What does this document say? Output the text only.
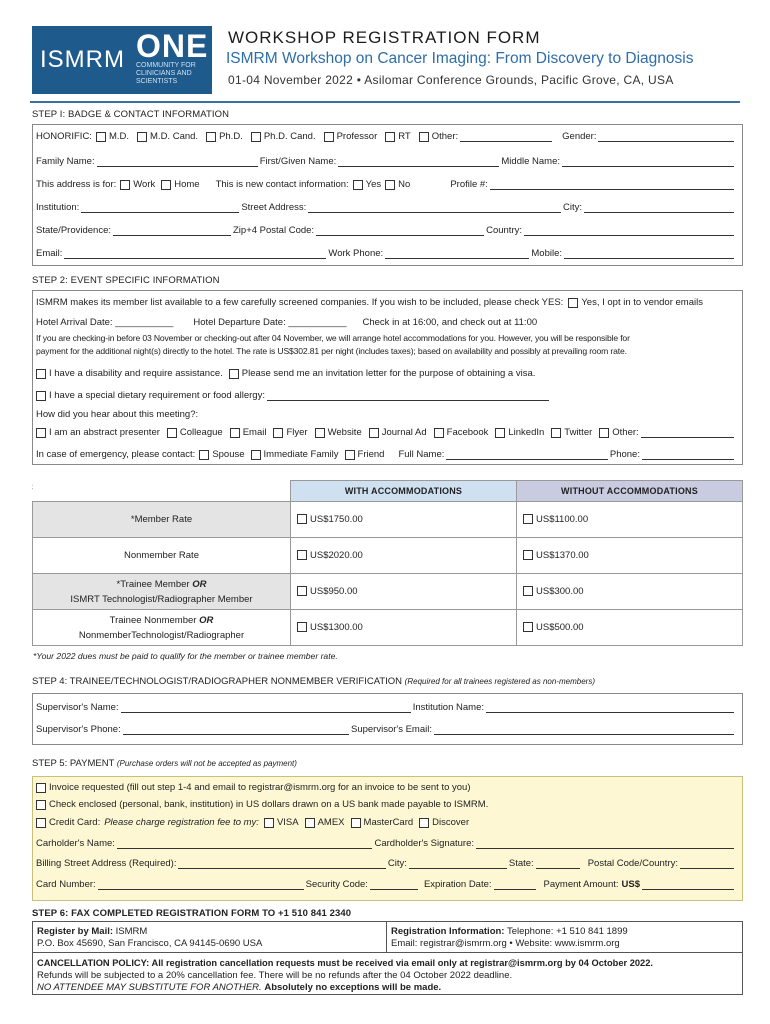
ISMRM ONE
COMMUNITY FOR CLINICIANS AND SCIENTISTS
WORKSHOP REGISTRATION FORM
ISMRM Workshop on Cancer Imaging: From Discovery to Diagnosis
01-04 November 2022 • Asilomar Conference Grounds, Pacific Grove, CA, USA
STEP I: BADGE & CONTACT INFORMATION
HONORIFIC: M.D. M.D. Cand. Ph.D. Ph.D. Cand. Professor RT Other:	Gender:
Family Name:	First/Given Name:	Middle Name:
This address is for: Work Home This is new contact information: Yes No	Profile #:
Institution:	Street Address:	City:
State/Providence:	Zip+4 Postal Code:	Country:
Email:	Work Phone:	Mobile:
STEP 2: EVENT SPECIFIC INFORMATION
ISMRM makes its member list available to a few carefully screened companies. If you wish to be included, please check YES: Yes, I opt in to vendor emails
Hotel Arrival Date: ___________ Hotel Departure Date: ___________ Check in at 16:00, and check out at 11:00
If you are checking-in before 03 November or checking-out after 04 November, we will arrange hotel accommodations for you. However, you will be responsible for
payment for the additional night(s) directly to the hotel. The rate is US$302.81 per night (includes taxes); based on availability and possibly at prevailing room rate.
I have a disability and require assistance. Please send me an invitation letter for the purpose of obtaining a visa.
I have a special dietary requirement or food allergy:
How did you hear about this meeting?:
I am an abstract presenter Colleague Email Flyer Website Journal Ad Facebook LinkedIn Twitter Other:
In case of emergency, please contact: Spouse Immediate Family Friend Full Name:	Phone:
	WITH ACCOMMODATIONS	WITHOUT ACCOMMODATIONS
*Member Rate	US$1750.00	US$1100.00
Nonmember Rate	US$2020.00	US$1370.00
*Trainee Member OR
ISMRT Technologist/Radiographer Member	US$950.00	US$300.00
Trainee Nonmember OR
NonmemberTechnologist/Radiographer	US$1300.00	US$500.00
*Your 2022 dues must be paid to qualify for the member or trainee member rate.
STEP 4: TRAINEE/TECHNOLOGIST/RADIOGRAPHER NONMEMBER VERIFICATION (Required for all trainees registered as non-members)
Supervisor's Name:	Institution Name:
Supervisor's Phone:	Supervisor's Email:
STEP 5: PAYMENT (Purchase orders will not be accepted as payment)
Invoice requested (fill out step 1-4 and email to registrar@ismrm.org for an invoice to be sent to you)
Check enclosed (personal, bank, institution) in US dollars drawn on a US bank made payable to ISMRM.
Credit Card: Please charge registration fee to my: VISA AMEX MasterCard Discover
Carholder's Name:	Cardholder's Signature:
Billing Street Address (Required):	City:	State:	Postal Code/Country:
Card Number:	Security Code:	Expiration Date:	Payment Amount: US$
STEP 6: FAX COMPLETED REGISTRATION FORM TO +1 510 841 2340
Register by Mail: ISMRM
P.O. Box 45690, San Francisco, CA 94145-0690 USA
Registration Information: Telephone: +1 510 841 1899
Email: registrar@ismrm.org • Website: www.ismrm.org
CANCELLATION POLICY: All registration cancellation requests must be received via email only at registrar@ismrm.org by 04 October 2022.
Refunds will be subjected to a 20% cancellation fee. There will be no refunds after the 04 October 2022 deadline.
NO ATTENDEE MAY SUBSTITUTE FOR ANOTHER. Absolutely no exceptions will be made.
